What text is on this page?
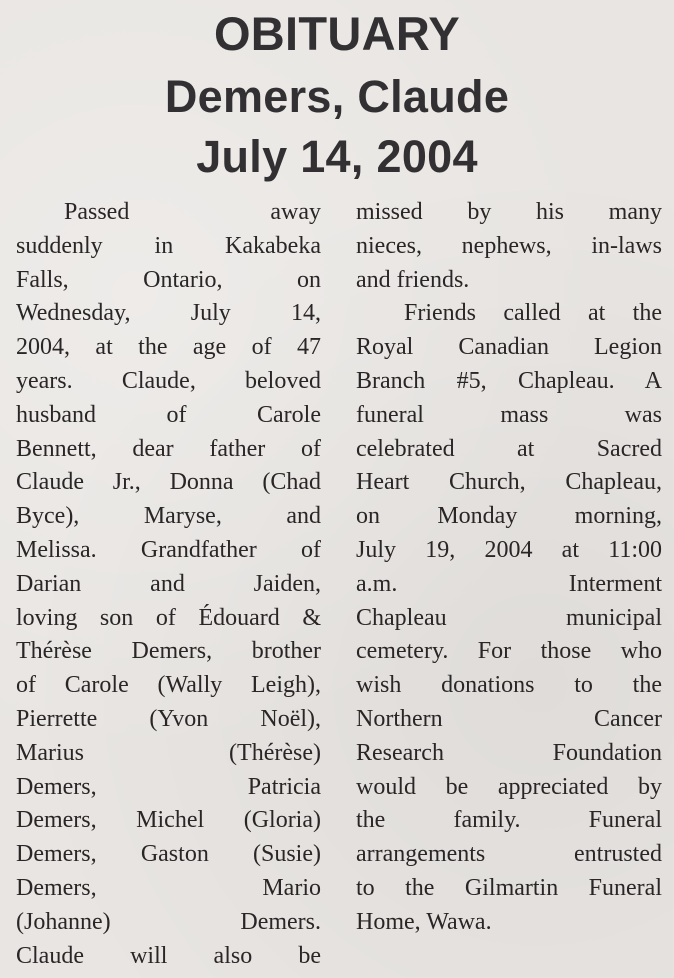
OBITUARY
Demers, Claude
July 14, 2004
Passed away
suddenly in Kakabeka
Falls, Ontario, on
Wednesday, July 14,
2004, at the age of 47
years. Claude, beloved
husband of Carole
Bennett, dear father of
Claude Jr., Donna (Chad
Byce), Maryse, and
Melissa. Grandfather of
Darian and Jaiden,
loving son of Édouard &
Thérèse Demers, brother
of Carole (Wally Leigh),
Pierrette (Yvon Noël),
Marius (Thérèse)
Demers, Patricia
Demers, Michel (Gloria)
Demers, Gaston (Susie)
Demers, Mario
(Johanne) Demers.
Claude will also be
missed by his many
nieces, nephews, in-laws
and friends.
Friends called at the
Royal Canadian Legion
Branch #5, Chapleau. A
funeral mass was
celebrated at Sacred
Heart Church, Chapleau,
on Monday morning,
July 19, 2004 at 11:00
a.m. Interment
Chapleau municipal
cemetery. For those who
wish donations to the
Northern Cancer
Research Foundation
would be appreciated by
the family. Funeral
arrangements entrusted
to the Gilmartin Funeral
Home, Wawa.
